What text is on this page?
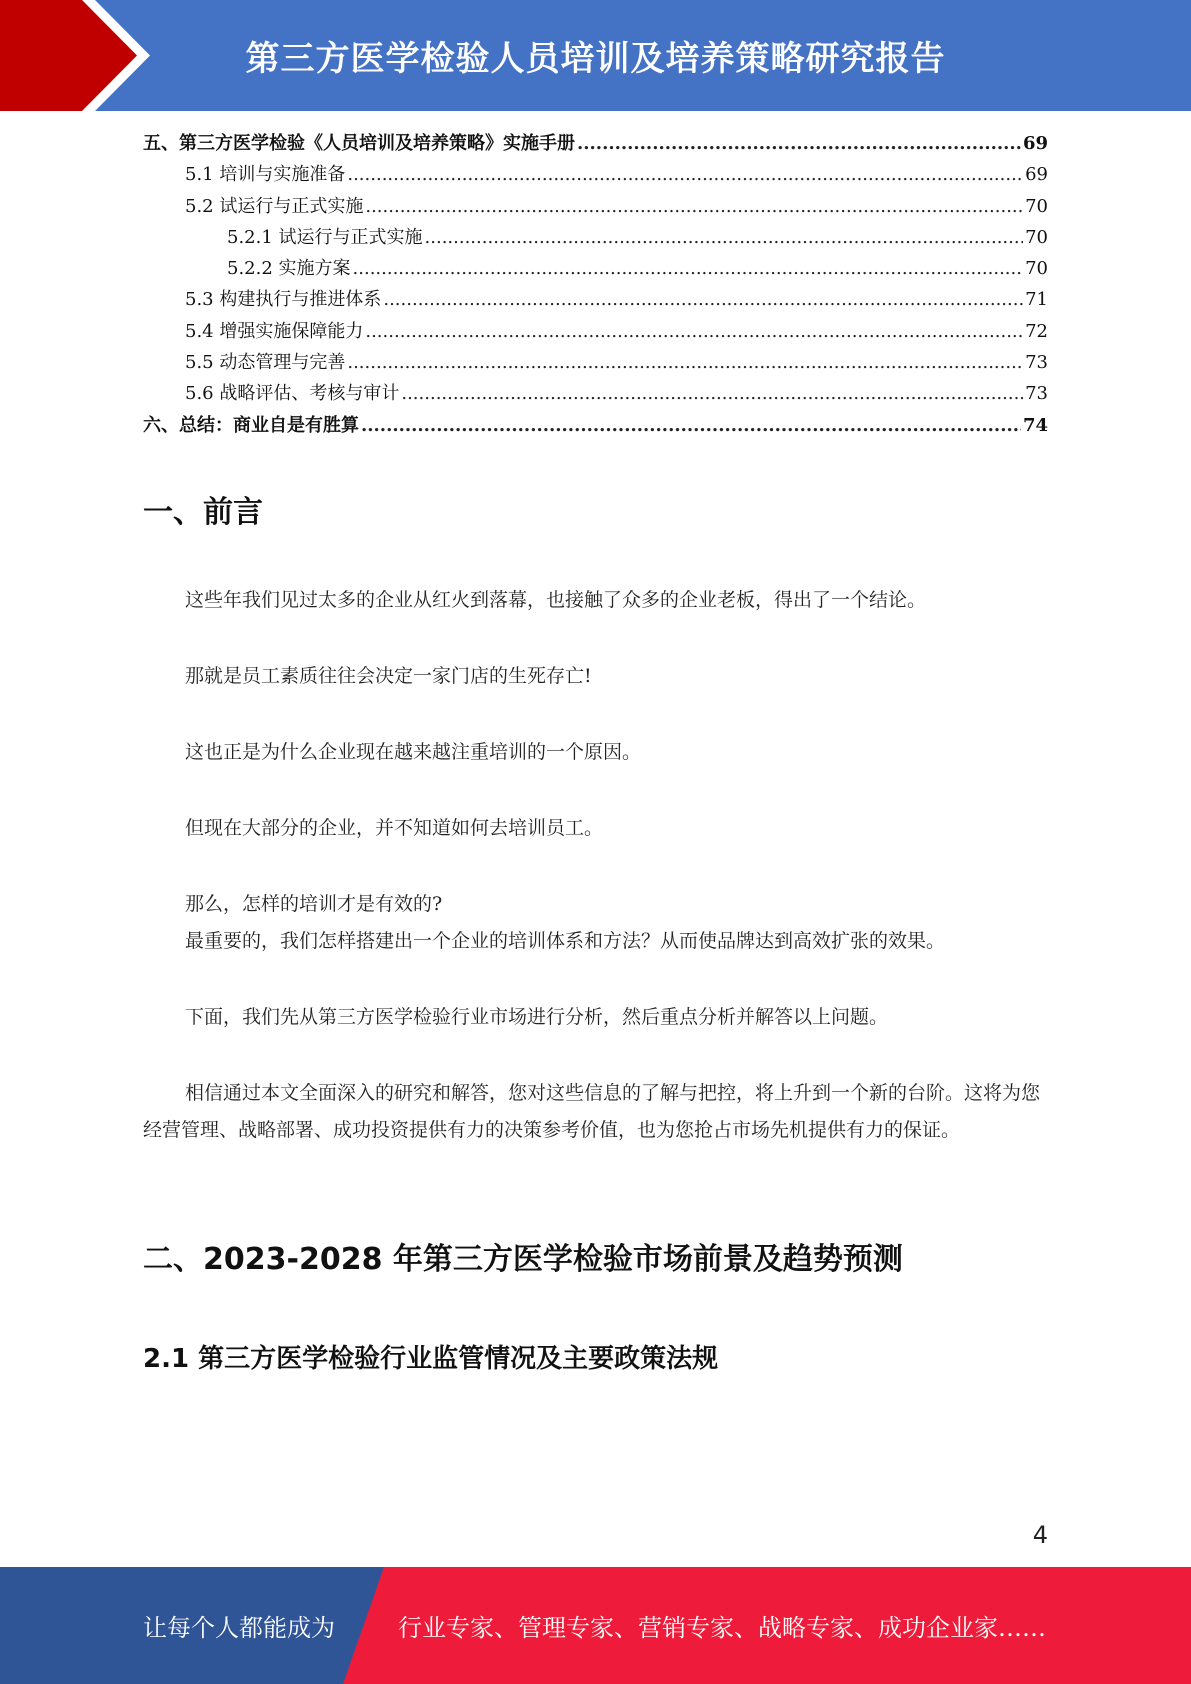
第三方医学检验人员培训及培养策略研究报告
五、第三方医学检验《人员培训及培养策略》实施手册 .....	69
5.1 培训与实施准备 .....	69
5.2 试运行与正式实施 .....	70
5.2.1 试运行与正式实施 .....	70
5.2.2 实施方案 .....	70
5.3 构建执行与推进体系 .....	71
5.4 增强实施保障能力 .....	72
5.5 动态管理与完善 .....	73
5.6 战略评估、考核与审计 .....	73
六、总结：商业自是有胜算 .....	74
一、前言

这些年我们见过太多的企业从红火到落幕，也接触了众多的企业老板，得出了一个结论。

那就是员工素质往往会决定一家门店的生死存亡!

这也正是为什么企业现在越来越注重培训的一个原因。

但现在大部分的企业，并不知道如何去培训员工。

那么，怎样的培训才是有效的?

最重要的，我们怎样搭建出一个企业的培训体系和方法？从而使品牌达到高效扩张的效果。

下面，我们先从第三方医学检验行业市场进行分析，然后重点分析并解答以上问题。

相信通过本文全面深入的研究和解答，您对这些信息的了解与把控，将上升到一个新的台阶。这将为您经营管理、战略部署、成功投资提供有力的决策参考价值，也为您抢占市场先机提供有力的保证。

二、2023-2028 年第三方医学检验市场前景及趋势预测
2.1 第三方医学检验行业监管情况及主要政策法规
4
让每个人都能成为	行业专家、管理专家、营销专家、战略专家、成功企业家……
